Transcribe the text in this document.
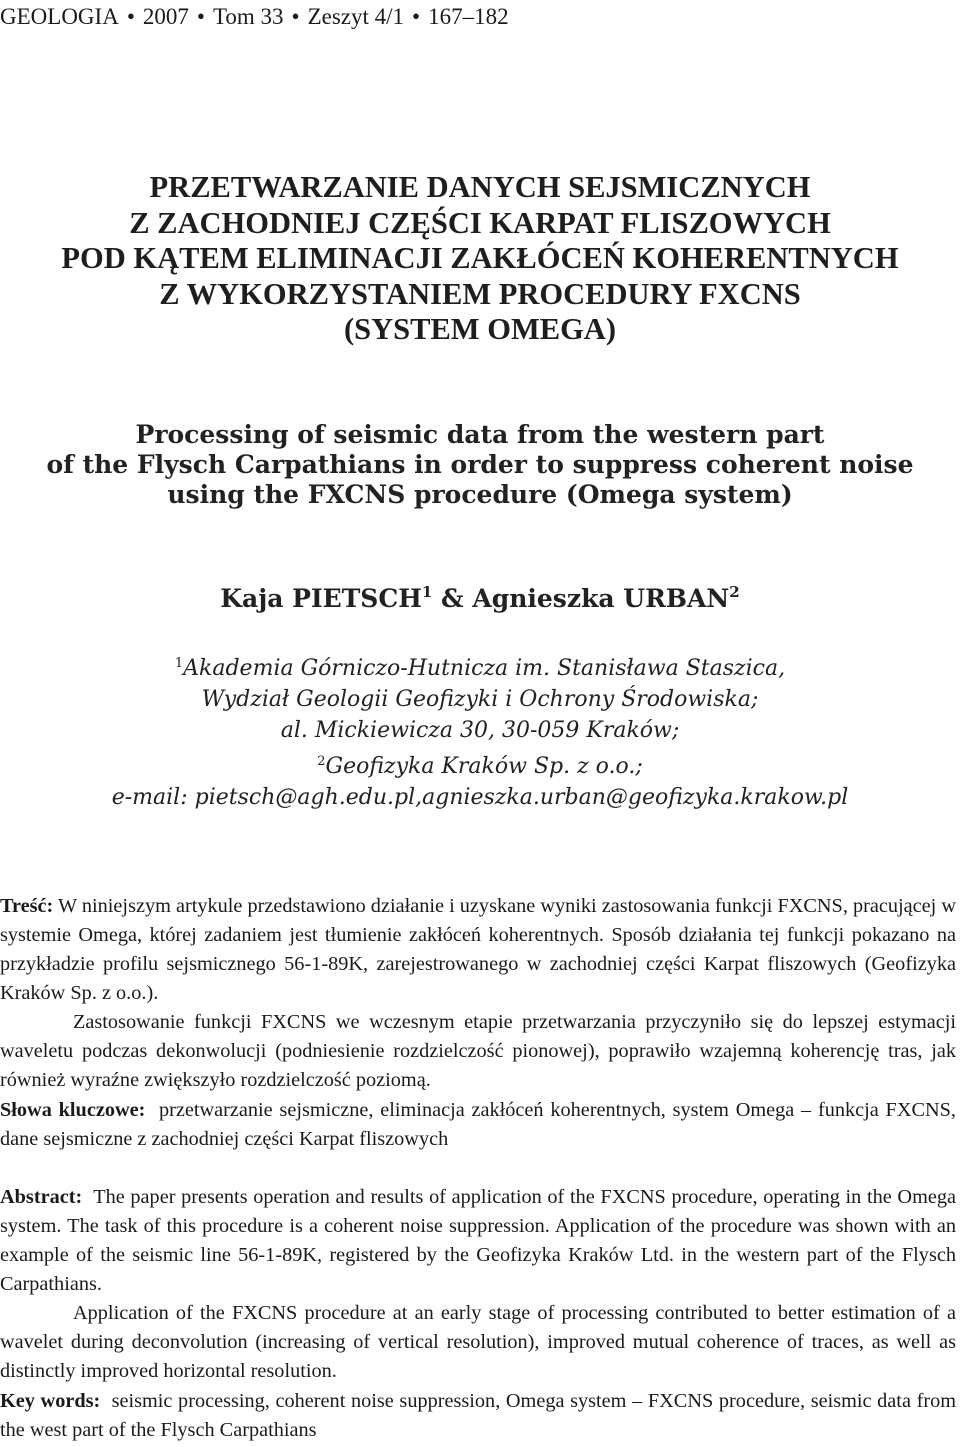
GEOLOGIA • 2007 • Tom 33 • Zeszyt 4/1 • 167–182
PRZETWARZANIE DANYCH SEJSMICZNYCH
Z ZACHODNIEJ CZĘŚCI KARPAT FLISZOWYCH
POD KĄTEM ELIMINACJI ZAKŁÓCEŃ KOHERENTNYCH
Z WYKORZYSTANIEM PROCEDURY FXCNS
(SYSTEM OMEGA)
Processing of seismic data from the western part
of the Flysch Carpathians in order to suppress coherent noise
using the FXCNS procedure (Omega system)
Kaja PIETSCH$^1$ & Agnieszka URBAN$^2$
$^1$Akademia Górniczo-Hutnicza im. Stanisława Staszica,
Wydział Geologii Geofizyki i Ochrony Środowiska;
al. Mickiewicza 30, 30-059 Kraków;
$^2$Geofizyka Kraków Sp. z o.o.;
e-mail: pietsch@agh.edu.pl,agnieszka.urban@geofizyka.krakow.pl

Treść: W niniejszym artykule przedstawiono działanie i uzyskane wyniki zastosowania funkcji FXCNS, pracującej w systemie Omega, której zadaniem jest tłumienie zakłóceń koherentnych. Sposób działania tej funkcji pokazano na przykładzie profilu sejsmicznego 56-1-89K, zarejestrowanego w zachodniej części Karpat fliszowych (Geofizyka Kraków Sp. z o.o.).

Zastosowanie funkcji FXCNS we wczesnym etapie przetwarzania przyczyniło się do lepszej estymacji waveletu podczas dekonwolucji (podniesienie rozdzielczość pionowej), poprawiło wzajemną koherencję tras, jak również wyraźne zwiększyło rozdzielczość poziomą.

Słowa kluczowe: przetwarzanie sejsmiczne, eliminacja zakłóceń koherentnych, system Omega – funkcja FXCNS, dane sejsmiczne z zachodniej części Karpat fliszowych

Abstract: The paper presents operation and results of application of the FXCNS procedure, operating in the Omega system. The task of this procedure is a coherent noise suppression. Application of the procedure was shown with an example of the seismic line 56-1-89K, registered by the Geofizyka Kraków Ltd. in the western part of the Flysch Carpathians.

Application of the FXCNS procedure at an early stage of processing contributed to better estimation of a wavelet during deconvolution (increasing of vertical resolution), improved mutual coherence of traces, as well as distinctly improved horizontal resolution.

Key words: seismic processing, coherent noise suppression, Omega system – FXCNS procedure, seismic data from the west part of the Flysch Carpathians
